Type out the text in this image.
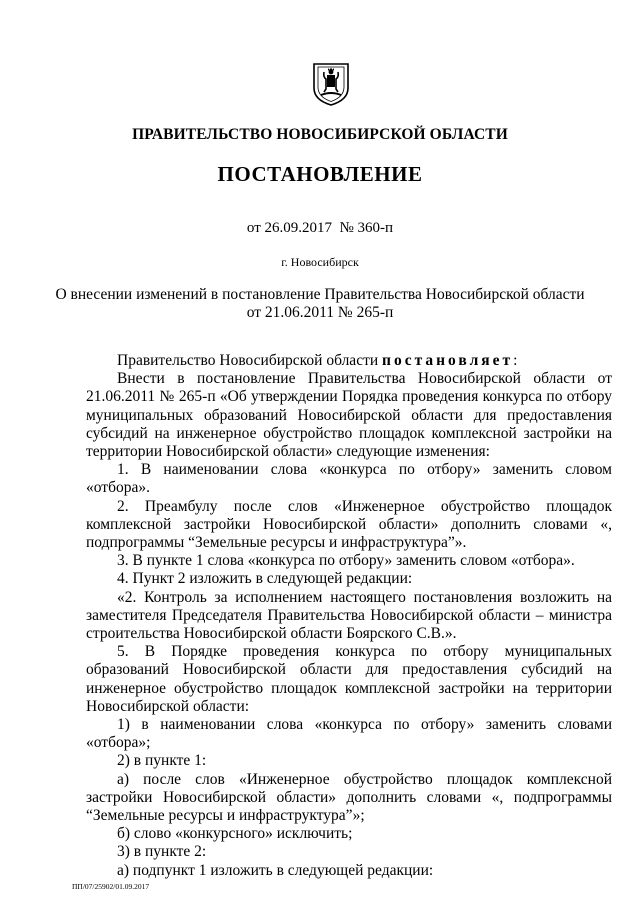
ПРАВИТЕЛЬСТВО НОВОСИБИРСКОЙ ОБЛАСТИ
ПОСТАНОВЛЕНИЕ
от 26.09.2017  № 360-п
г. Новосибирск
О внесении изменений в постановление Правительства Новосибирской области
от 21.06.2011 № 265-п

Правительство Новосибирской области постановляет:

Внести в постановление Правительства Новосибирской области от 21.06.2011 № 265-п «Об утверждении Порядка проведения конкурса по отбору муниципальных образований Новосибирской области для предоставления субсидий на инженерное обустройство площадок комплексной застройки на территории Новосибирской области» следующие изменения:

1. В наименовании слова «конкурса по отбору» заменить словом «отбора».

2. Преамбулу после слов «Инженерное обустройство площадок комплексной застройки Новосибирской области» дополнить словами «, подпрограммы “Земельные ресурсы и инфраструктура”».

3. В пункте 1 слова «конкурса по отбору» заменить словом «отбора».

4. Пункт 2 изложить в следующей редакции:

«2. Контроль за исполнением настоящего постановления возложить на заместителя Председателя Правительства Новосибирской области – министра строительства Новосибирской области Боярского С.В.».

5. В Порядке проведения конкурса по отбору муниципальных образований Новосибирской области для предоставления субсидий на инженерное обустройство площадок комплексной застройки на территории Новосибирской области:

1) в наименовании слова «конкурса по отбору» заменить словами «отбора»;

2) в пункте 1:

а) после слов «Инженерное обустройство площадок комплексной застройки Новосибирской области» дополнить словами «, подпрограммы “Земельные ресурсы и инфраструктура”»;

б) слово «конкурсного» исключить;

3) в пункте 2:

а) подпункт 1 изложить в следующей редакции:

ПП/07/25902/01.09.2017
